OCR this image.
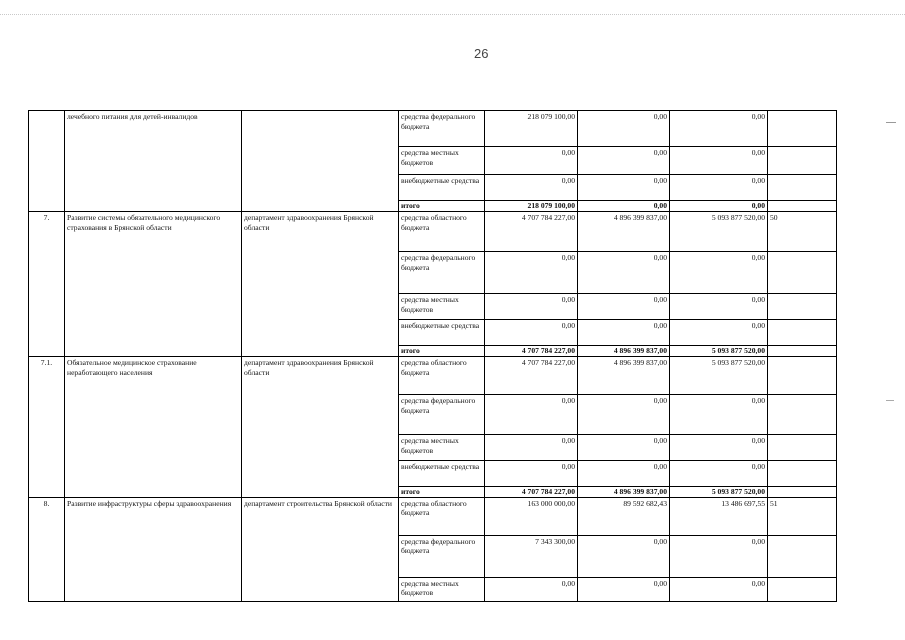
26
	лечебного питания для детей-инвалидов		средства федерального бюджета	218 079 100,00	0,00	0,00	
			средства местных бюджетов	0,00	0,00	0,00	
			внебюджетные средства	0,00	0,00	0,00	
			итого	218 079 100,00	0,00	0,00	
7.	Развитие системы обязательного медицинского страхования в Брянской области	департамент здравоохранения Брянской области	средства областного бюджета	4 707 784 227,00	4 896 399 837,00	5 093 877 520,00	50
			средства федерального бюджета	0,00	0,00	0,00	
			средства местных бюджетов	0,00	0,00	0,00	
			внебюджетные средства	0,00	0,00	0,00	
			итого	4 707 784 227,00	4 896 399 837,00	5 093 877 520,00	
7.1.	Обязательное медицинское страхование неработающего населения	департамент здравоохранения Брянской области	средства областного бюджета	4 707 784 227,00	4 896 399 837,00	5 093 877 520,00	
			средства федерального бюджета	0,00	0,00	0,00	
			средства местных бюджетов	0,00	0,00	0,00	
			внебюджетные средства	0,00	0,00	0,00	
			итого	4 707 784 227,00	4 896 399 837,00	5 093 877 520,00	
8.	Развитие инфраструктуры сферы здравоохранения	департамент строительства Брянской области	средства областного бюджета	163 000 000,00	89 592 682,43	13 486 697,55	51
			средства федерального бюджета	7 343 300,00	0,00	0,00	
			средства местных бюджетов	0,00	0,00	0,00	
